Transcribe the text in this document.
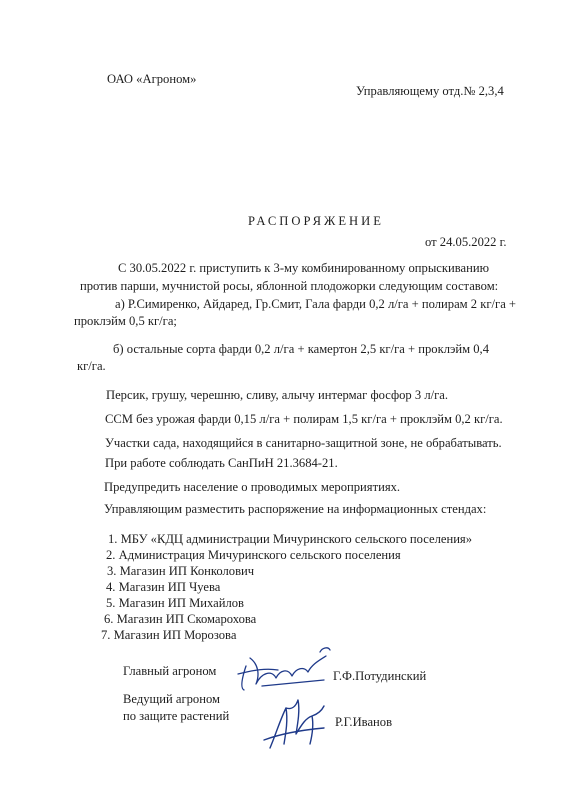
ОАО «Агроном»
Управляющему отд.№ 2,3,4
РАСПОРЯЖЕНИЕ
от 24.05.2022 г.
С 30.05.2022 г. приступить к 3-му комбинированному опрыскиванию
против парши, мучнистой росы, яблонной плодожорки следующим составом:
а) Р.Симиренко, Айдаред, Гр.Смит, Гала фарди 0,2 л/га + полирам 2 кг/га +
проклэйм 0,5 кг/га;
б) остальные сорта фарди 0,2 л/га + камертон 2,5 кг/га + проклэйм 0,4
кг/га.
Персик, грушу, черешню, сливу, алычу интермаг фосфор 3 л/га.
ССМ без урожая фарди 0,15 л/га + полирам 1,5 кг/га + проклэйм 0,2 кг/га.
Участки сада, находящийся в санитарно-защитной зоне, не обрабатывать.
При работе соблюдать СанПиН 21.3684-21.
Предупредить население о проводимых мероприятиях.
Управляющим разместить распоряжение на информационных стендах:
1. МБУ «КДЦ администрации Мичуринского сельского поселения»
2. Администрация Мичуринского сельского поселения
3. Магазин ИП Конколович
4. Магазин ИП Чуева
5. Магазин ИП Михайлов
6. Магазин ИП Скомарохова
7. Магазин ИП Морозова
Главный агроном	Г.Ф.Потудинский
Ведущий агроном
по защите растений	Р.Г.Иванов
